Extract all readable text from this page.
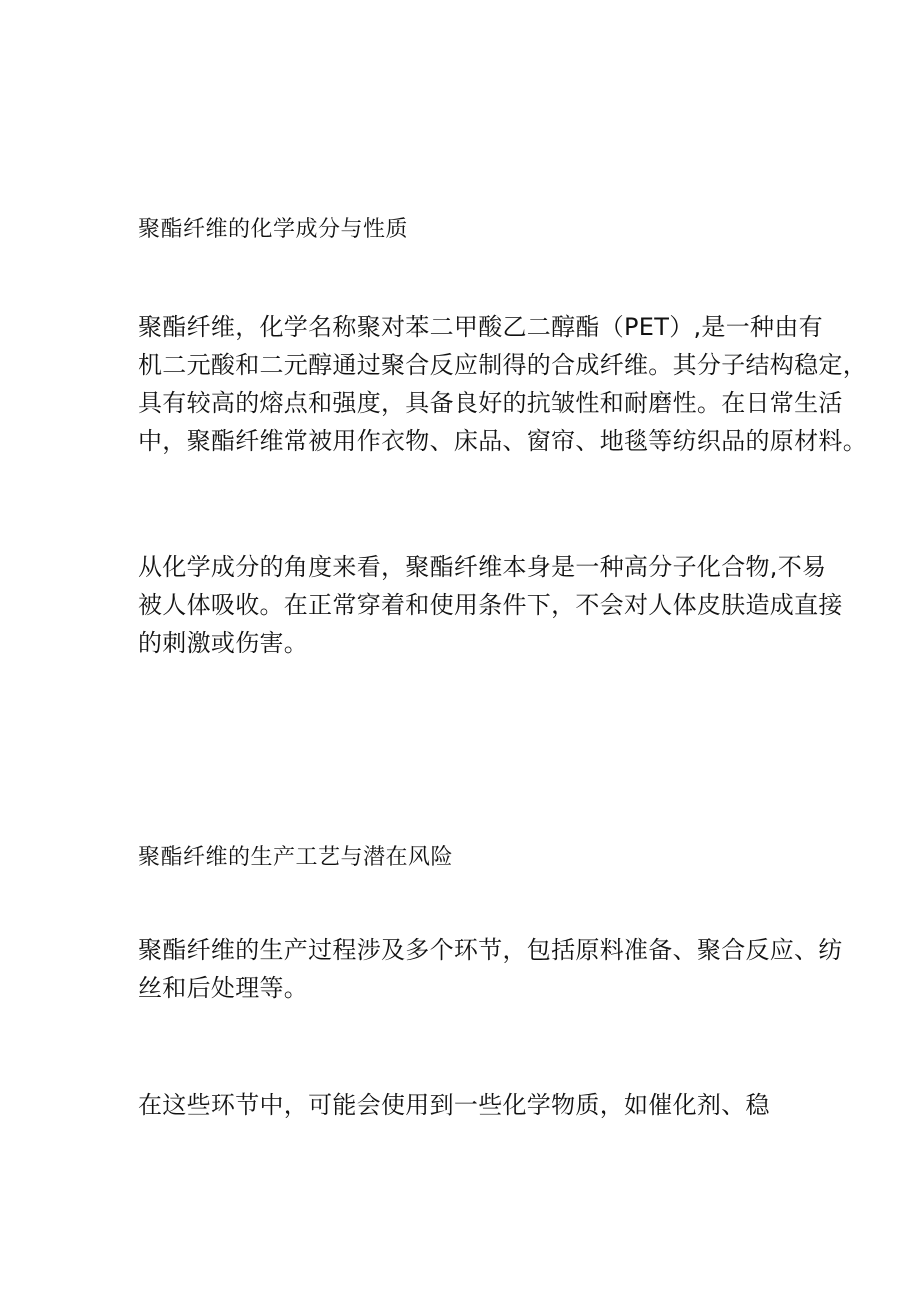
聚酯纤维的化学成分与性质

聚酯纤维，化学名称聚对苯二甲酸乙二醇酯（PET）,是一种由有
机二元酸和二元醇通过聚合反应制得的合成纤维。其分子结构稳定，
具有较高的熔点和强度，具备良好的抗皱性和耐磨性。在日常生活
中，聚酯纤维常被用作衣物、床品、窗帘、地毯等纺织品的原材料。

从化学成分的角度来看，聚酯纤维本身是一种高分子化合物,不易
被人体吸收。在正常穿着和使用条件下，不会对人体皮肤造成直接
的刺激或伤害。

聚酯纤维的生产工艺与潜在风险

聚酯纤维的生产过程涉及多个环节，包括原料准备、聚合反应、纺
丝和后处理等。

在这些环节中，可能会使用到一些化学物质，如催化剂、稳
